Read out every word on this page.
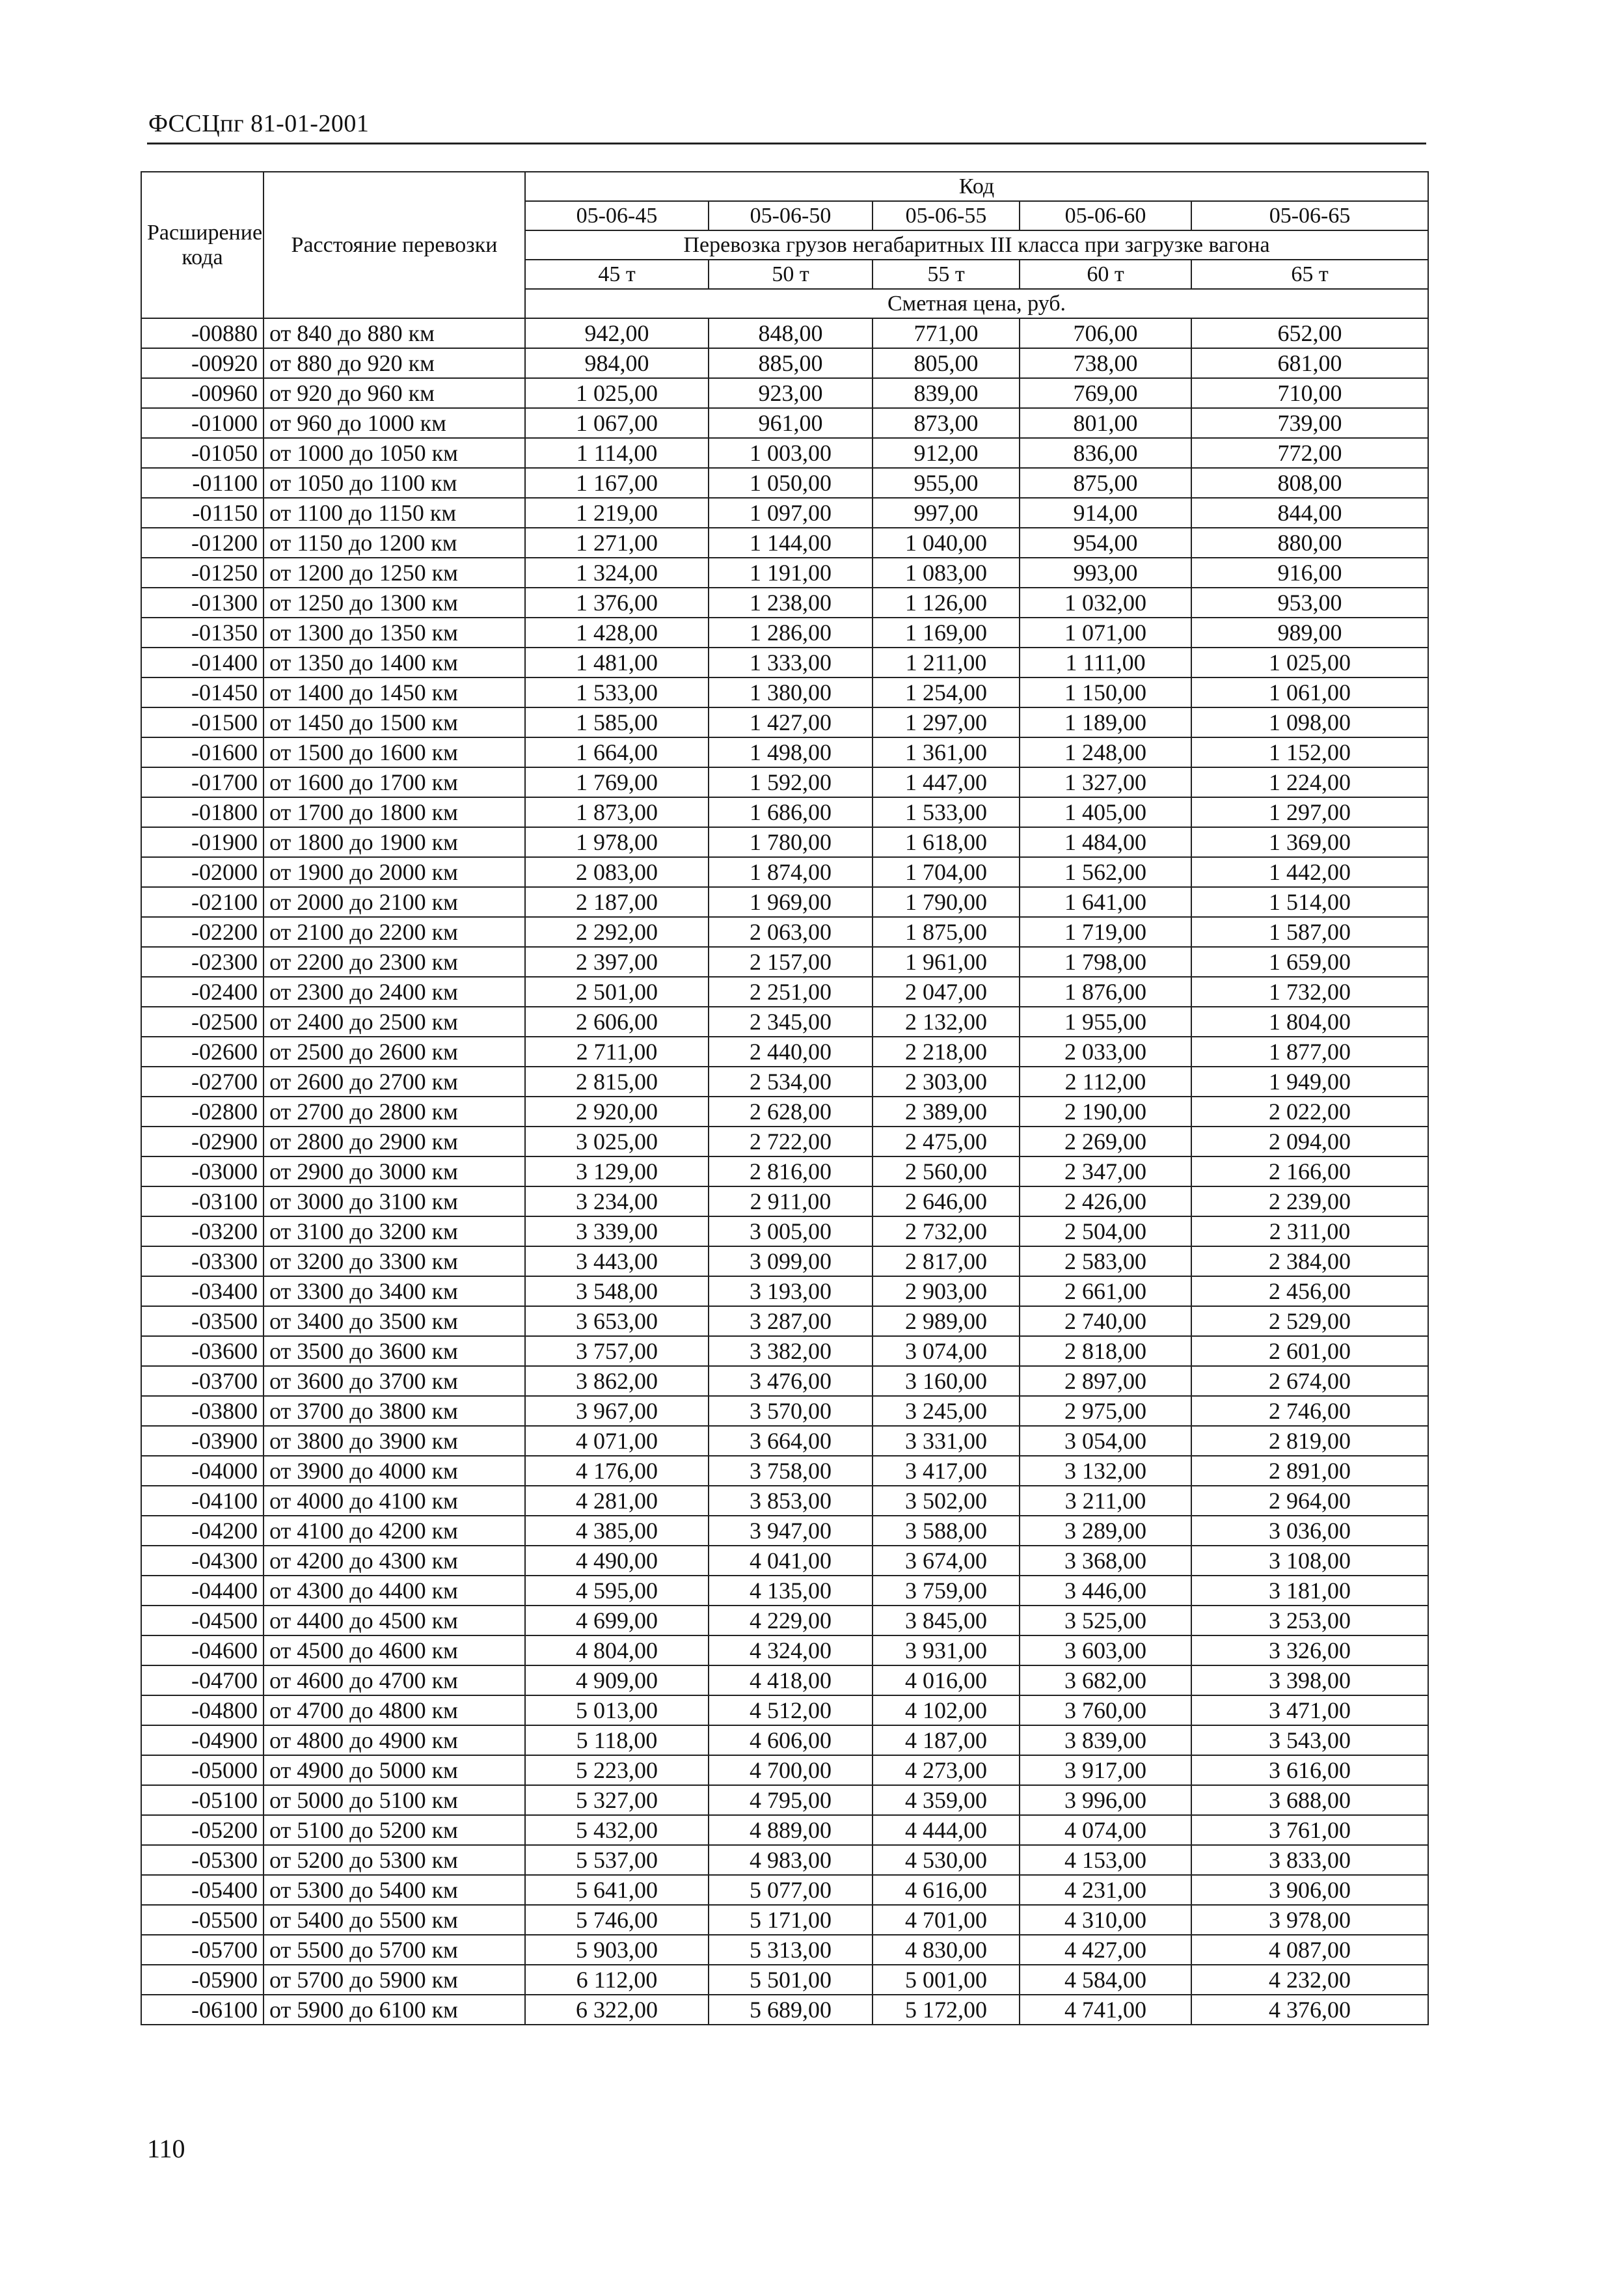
ФССЦпг 81-01-2001
Расширение кода	Расстояние перевозки	Код				
		05-06-45	05-06-50	05-06-55	05-06-60	05-06-65
		Перевозка грузов негабаритных III класса при загрузке вагона				
		45 т	50 т	55 т	60 т	65 т
		Сметная цена, руб.				
-00880	от 840 до 880 км	942,00	848,00	771,00	706,00	652,00
-00920	от 880 до 920 км	984,00	885,00	805,00	738,00	681,00
-00960	от 920 до 960 км	1 025,00	923,00	839,00	769,00	710,00
-01000	от 960 до 1000 км	1 067,00	961,00	873,00	801,00	739,00
-01050	от 1000 до 1050 км	1 114,00	1 003,00	912,00	836,00	772,00
-01100	от 1050 до 1100 км	1 167,00	1 050,00	955,00	875,00	808,00
-01150	от 1100 до 1150 км	1 219,00	1 097,00	997,00	914,00	844,00
-01200	от 1150 до 1200 км	1 271,00	1 144,00	1 040,00	954,00	880,00
-01250	от 1200 до 1250 км	1 324,00	1 191,00	1 083,00	993,00	916,00
-01300	от 1250 до 1300 км	1 376,00	1 238,00	1 126,00	1 032,00	953,00
-01350	от 1300 до 1350 км	1 428,00	1 286,00	1 169,00	1 071,00	989,00
-01400	от 1350 до 1400 км	1 481,00	1 333,00	1 211,00	1 111,00	1 025,00
-01450	от 1400 до 1450 км	1 533,00	1 380,00	1 254,00	1 150,00	1 061,00
-01500	от 1450 до 1500 км	1 585,00	1 427,00	1 297,00	1 189,00	1 098,00
-01600	от 1500 до 1600 км	1 664,00	1 498,00	1 361,00	1 248,00	1 152,00
-01700	от 1600 до 1700 км	1 769,00	1 592,00	1 447,00	1 327,00	1 224,00
-01800	от 1700 до 1800 км	1 873,00	1 686,00	1 533,00	1 405,00	1 297,00
-01900	от 1800 до 1900 км	1 978,00	1 780,00	1 618,00	1 484,00	1 369,00
-02000	от 1900 до 2000 км	2 083,00	1 874,00	1 704,00	1 562,00	1 442,00
-02100	от 2000 до 2100 км	2 187,00	1 969,00	1 790,00	1 641,00	1 514,00
-02200	от 2100 до 2200 км	2 292,00	2 063,00	1 875,00	1 719,00	1 587,00
-02300	от 2200 до 2300 км	2 397,00	2 157,00	1 961,00	1 798,00	1 659,00
-02400	от 2300 до 2400 км	2 501,00	2 251,00	2 047,00	1 876,00	1 732,00
-02500	от 2400 до 2500 км	2 606,00	2 345,00	2 132,00	1 955,00	1 804,00
-02600	от 2500 до 2600 км	2 711,00	2 440,00	2 218,00	2 033,00	1 877,00
-02700	от 2600 до 2700 км	2 815,00	2 534,00	2 303,00	2 112,00	1 949,00
-02800	от 2700 до 2800 км	2 920,00	2 628,00	2 389,00	2 190,00	2 022,00
-02900	от 2800 до 2900 км	3 025,00	2 722,00	2 475,00	2 269,00	2 094,00
-03000	от 2900 до 3000 км	3 129,00	2 816,00	2 560,00	2 347,00	2 166,00
-03100	от 3000 до 3100 км	3 234,00	2 911,00	2 646,00	2 426,00	2 239,00
-03200	от 3100 до 3200 км	3 339,00	3 005,00	2 732,00	2 504,00	2 311,00
-03300	от 3200 до 3300 км	3 443,00	3 099,00	2 817,00	2 583,00	2 384,00
-03400	от 3300 до 3400 км	3 548,00	3 193,00	2 903,00	2 661,00	2 456,00
-03500	от 3400 до 3500 км	3 653,00	3 287,00	2 989,00	2 740,00	2 529,00
-03600	от 3500 до 3600 км	3 757,00	3 382,00	3 074,00	2 818,00	2 601,00
-03700	от 3600 до 3700 км	3 862,00	3 476,00	3 160,00	2 897,00	2 674,00
-03800	от 3700 до 3800 км	3 967,00	3 570,00	3 245,00	2 975,00	2 746,00
-03900	от 3800 до 3900 км	4 071,00	3 664,00	3 331,00	3 054,00	2 819,00
-04000	от 3900 до 4000 км	4 176,00	3 758,00	3 417,00	3 132,00	2 891,00
-04100	от 4000 до 4100 км	4 281,00	3 853,00	3 502,00	3 211,00	2 964,00
-04200	от 4100 до 4200 км	4 385,00	3 947,00	3 588,00	3 289,00	3 036,00
-04300	от 4200 до 4300 км	4 490,00	4 041,00	3 674,00	3 368,00	3 108,00
-04400	от 4300 до 4400 км	4 595,00	4 135,00	3 759,00	3 446,00	3 181,00
-04500	от 4400 до 4500 км	4 699,00	4 229,00	3 845,00	3 525,00	3 253,00
-04600	от 4500 до 4600 км	4 804,00	4 324,00	3 931,00	3 603,00	3 326,00
-04700	от 4600 до 4700 км	4 909,00	4 418,00	4 016,00	3 682,00	3 398,00
-04800	от 4700 до 4800 км	5 013,00	4 512,00	4 102,00	3 760,00	3 471,00
-04900	от 4800 до 4900 км	5 118,00	4 606,00	4 187,00	3 839,00	3 543,00
-05000	от 4900 до 5000 км	5 223,00	4 700,00	4 273,00	3 917,00	3 616,00
-05100	от 5000 до 5100 км	5 327,00	4 795,00	4 359,00	3 996,00	3 688,00
-05200	от 5100 до 5200 км	5 432,00	4 889,00	4 444,00	4 074,00	3 761,00
-05300	от 5200 до 5300 км	5 537,00	4 983,00	4 530,00	4 153,00	3 833,00
-05400	от 5300 до 5400 км	5 641,00	5 077,00	4 616,00	4 231,00	3 906,00
-05500	от 5400 до 5500 км	5 746,00	5 171,00	4 701,00	4 310,00	3 978,00
-05700	от 5500 до 5700 км	5 903,00	5 313,00	4 830,00	4 427,00	4 087,00
-05900	от 5700 до 5900 км	6 112,00	5 501,00	5 001,00	4 584,00	4 232,00
-06100	от 5900 до 6100 км	6 322,00	5 689,00	5 172,00	4 741,00	4 376,00
110
